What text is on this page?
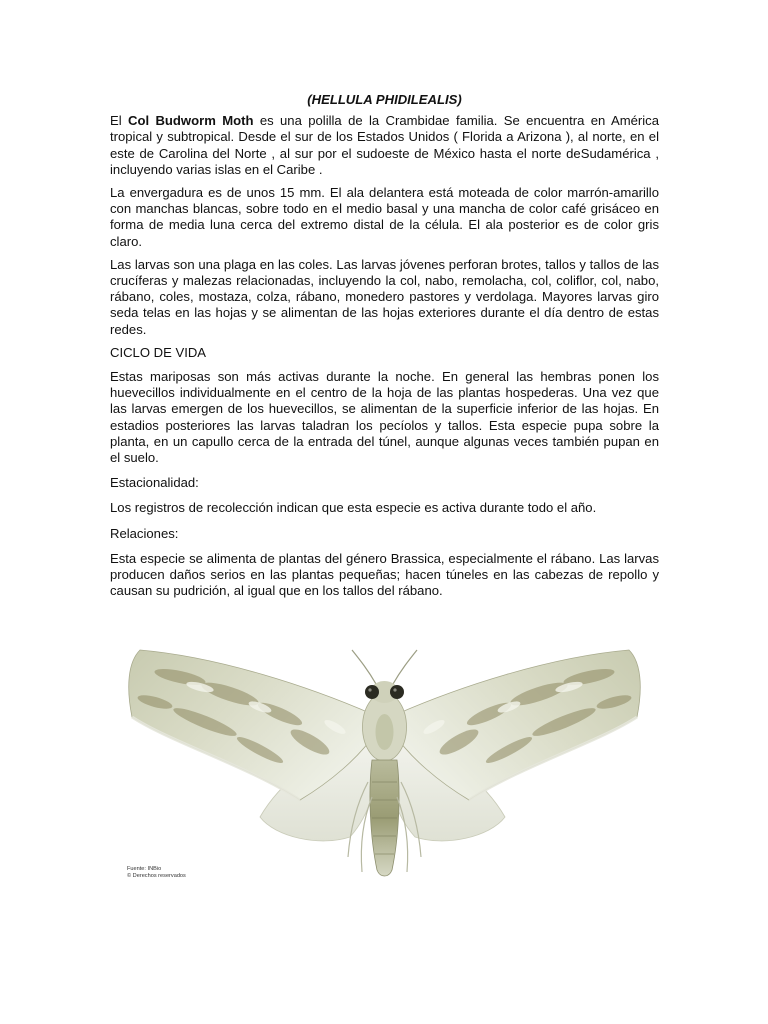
(HELLULA PHIDILEALIS)

El Col Budworm Moth es una polilla de la Crambidae familia. Se encuentra en América tropical y subtropical. Desde el sur de los Estados Unidos ( Florida a Arizona ), al norte, en el este de Carolina del Norte , al sur por el sudoeste de México hasta el norte deSudamérica , incluyendo varias islas en el Caribe .

La envergadura es de unos 15 mm. El ala delantera está moteada de color marrón-amarillo con manchas blancas, sobre todo en el medio basal y una mancha de color café grisáceo en forma de media luna cerca del extremo distal de la célula. El ala posterior es de color gris claro.

Las larvas son una plaga en las coles. Las larvas jóvenes perforan brotes, tallos y tallos de las crucíferas y malezas relacionadas, incluyendo la col, nabo, remolacha, col, coliflor, col, nabo, rábano, coles, mostaza, colza, rábano, monedero pastores y verdolaga. Mayores larvas giro seda telas en las hojas y se alimentan de las hojas exteriores durante el día dentro de estas redes.

CICLO DE VIDA

Estas mariposas son más activas durante la noche. En general las hembras ponen los huevecillos individualmente en el centro de la hoja de las plantas hospederas. Una vez que las larvas emergen de los huevecillos, se alimentan de la superficie inferior de las hojas. En estadios posteriores las larvas taladran los pecíolos y tallos. Esta especie pupa sobre la planta, en un capullo cerca de la entrada del túnel, aunque algunas veces también pupan en el suelo.

Estacionalidad:

Los registros de recolección indican que esta especie es activa durante todo el año.

Relaciones:

Esta especie se alimenta de plantas del género Brassica, especialmente el rábano. Las larvas producen daños serios en las plantas pequeñas; hacen túneles en las cabezas de repollo y causan su pudrición, al igual que en los tallos del rábano.

Fuente: INBio
© Derechos reservados
